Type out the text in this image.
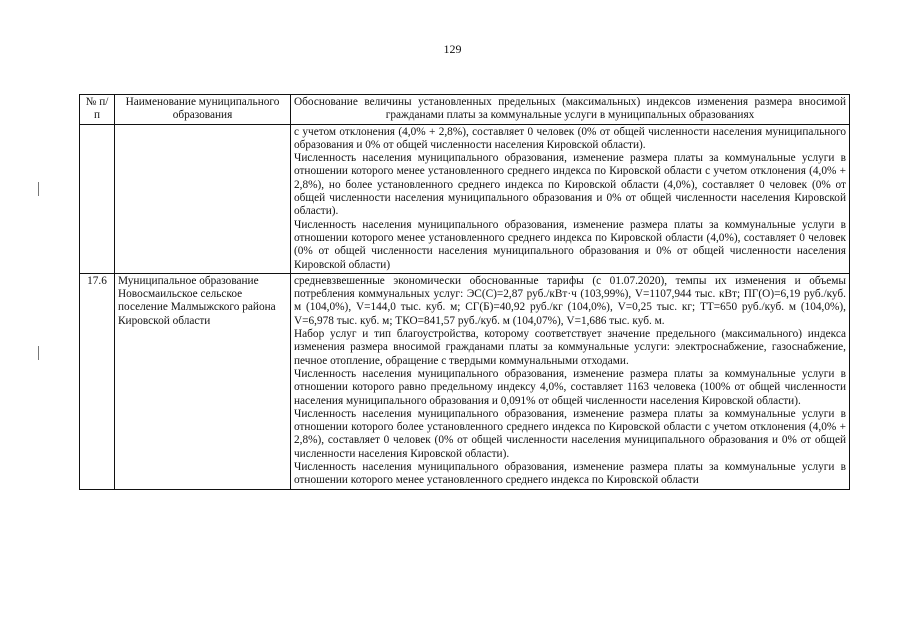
129
№ п/п	Наименование муниципального образования	Обоснование величины установленных предельных (максимальных) индексов изменения размера вносимой гражданами платы за коммунальные услуги в муниципальных образованиях

		с учетом отклонения (4,0% + 2,8%), составляет 0 человек (0% от общей численности населения муниципального образования и 0% от общей численности населения Кировской области).

Численность населения муниципального образования, изменение размера платы за коммунальные услуги в отношении которого менее установленного среднего индекса по Кировской области с учетом отклонения (4,0% + 2,8%), но более установленного среднего индекса по Кировской области (4,0%), составляет 0 человек (0% от общей численности населения муниципального образования и 0% от общей численности населения Кировской области).

Численность населения муниципального образования, изменение размера платы за коммунальные услуги в отношении которого менее установленного среднего индекса по Кировской области (4,0%), составляет 0 человек (0% от общей численности населения муниципального образования и 0% от общей численности населения Кировской области)

17.6	Муниципальное образование Новосмаильское сельское поселение Малмыжского района Кировской области	средневзвешенные экономически обоснованные тарифы (с 01.07.2020), темпы их изменения и объемы потребления коммунальных услуг: ЭС(С)=2,87 руб./кВт·ч (103,99%), V=1107,944 тыс. кВт; ПГ(О)=6,19 руб./куб. м (104,0%), V=144,0 тыс. куб. м; СГ(Б)=40,92 руб./кг (104,0%), V=0,25 тыс. кг; ТТ=650 руб./куб. м (104,0%), V=6,978 тыс. куб. м; ТКО=841,57 руб./куб. м (104,07%), V=1,686 тыс. куб. м.

Набор услуг и тип благоустройства, которому соответствует значение предельного (максимального) индекса изменения размера вносимой гражданами платы за коммунальные услуги: электроснабжение, газоснабжение, печное отопление, обращение с твердыми коммунальными отходами.

Численность населения муниципального образования, изменение размера платы за коммунальные услуги в отношении которого равно предельному индексу 4,0%, составляет 1163 человека (100% от общей численности населения муниципального образования и 0,091% от общей численности населения Кировской области).

Численность населения муниципального образования, изменение размера платы за коммунальные услуги в отношении которого более установленного среднего индекса по Кировской области с учетом отклонения (4,0% + 2,8%), составляет 0 человек (0% от общей численности населения муниципального образования и 0% от общей численности населения Кировской области).

Численность населения муниципального образования, изменение размера платы за коммунальные услуги в отношении которого менее установленного среднего индекса по Кировской области
